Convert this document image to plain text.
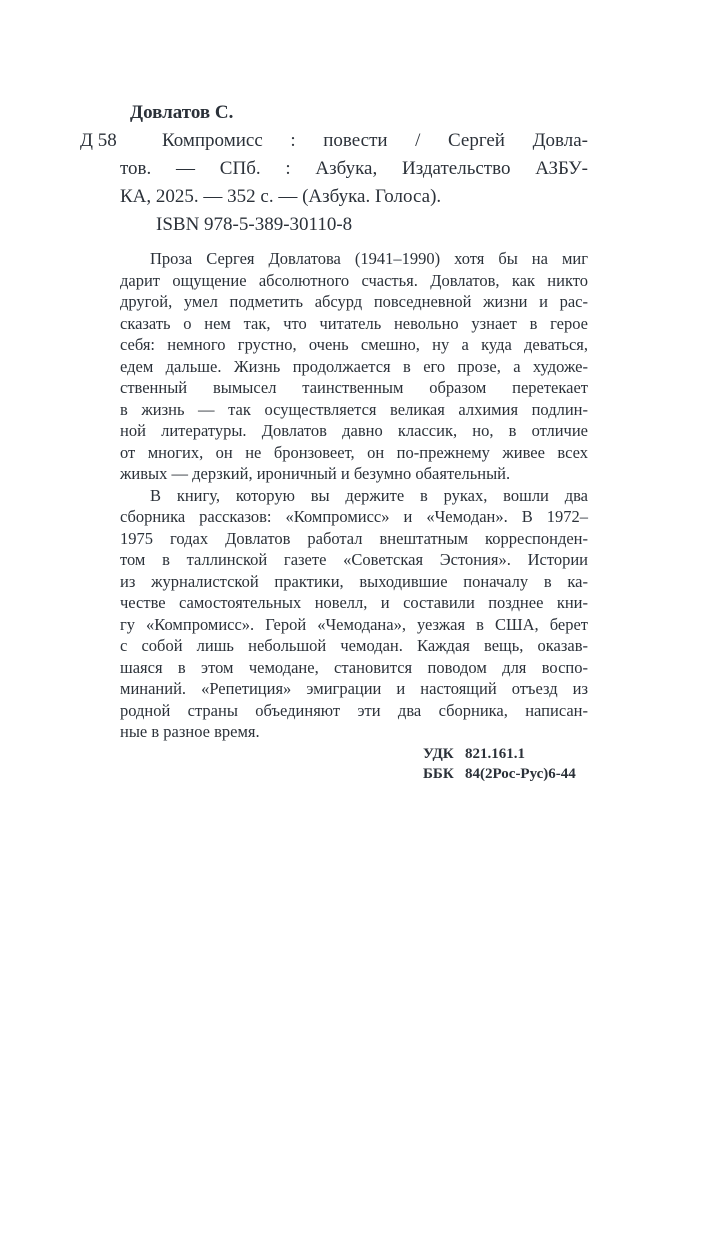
Довлатов С.
Д 58	Компромисс : повести / Сергей Довла-
тов. — СПб. : Азбука, Издательство АЗБУ-
КА, 2025. — 352 с. — (Азбука. Голоса).
ISBN 978-5-389-30110-8
Проза Сергея Довлатова (1941–1990) хотя бы на миг
дарит ощущение абсолютного счастья. Довлатов, как никто
другой, умел подметить абсурд повседневной жизни и рас-
сказать о нем так, что читатель невольно узнает в герое
себя: немного грустно, очень смешно, ну а куда деваться,
едем дальше. Жизнь продолжается в его прозе, а художе-
ственный вымысел таинственным образом перетекает
в жизнь — так осуществляется великая алхимия подлин-
ной литературы. Довлатов давно классик, но, в отличие
от многих, он не бронзовеет, он по-прежнему живее всех
живых — дерзкий, ироничный и безумно обаятельный.
В книгу, которую вы держите в руках, вошли два
сборника рассказов: «Компромисс» и «Чемодан». В 1972–
1975 годах Довлатов работал внештатным корреспонден-
том в таллинской газете «Советская Эстония». Истории
из журналистской практики, выходившие поначалу в ка-
честве самостоятельных новелл, и составили позднее кни-
гу «Компромисс». Герой «Чемодана», уезжая в США, берет
с собой лишь небольшой чемодан. Каждая вещь, оказав-
шаяся в этом чемодане, становится поводом для воспо-
минаний. «Репетиция» эмиграции и настоящий отъезд из
родной страны объединяют эти два сборника, написан-
ные в разное время.
УДК 821.161.1
ББК 84(2Рос-Рус)6-44
